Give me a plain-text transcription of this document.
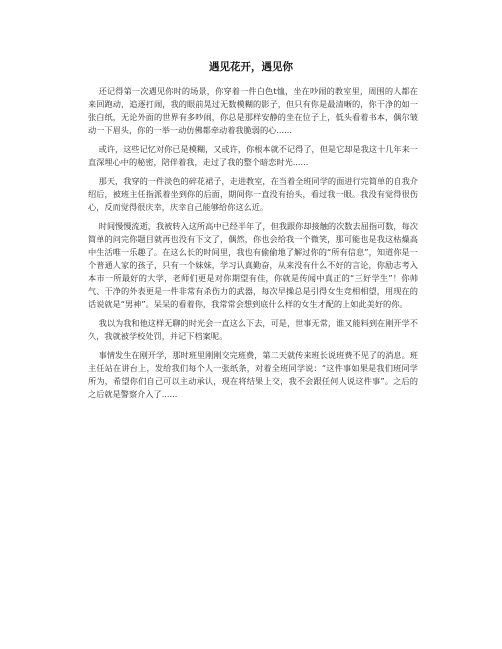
遇见花开，遇见你

还记得第一次遇见你时的场景，你穿着一件白色t恤，坐在吵闹的教室里，周围的人都在来回跑动，追逐打闹，我的眼前晃过无数模糊的影子，但只有你是最清晰的，你干净的如一张白纸，无论外面的世界有多吵闹，你总是那样安静的坐在位子上，低头看着书本，偶尔皱动一下眉头，你的一举一动仿佛都牵动着我脆弱的心......

或许，这些记忆对你已是模糊，又或许，你根本就不记得了，但是它却是我这十几年来一直深埋心中的秘密，陪伴着我，走过了我的整个暗恋时光......

那天，我穿的一件淡色的碎花裙子，走进教室，在当着全班同学的面进行完简单的自我介绍后，被班主任指派着坐到你的后面，期间你一直没有抬头，看过我一眼。我没有觉得很伤心，反而觉得很庆幸，庆幸自己能够给你这么近。

时间慢慢流逝，我被转入这所高中已经半年了，但我跟你却接触的次数去屈指可数，每次简单的问完你题目就再也没有下文了，偶然，你也会给我一个微笑，那可能也是我这枯燥高中生活唯一乐趣了。在这么长的时间里，我也有偷偷地了解过你的“所有信息”，知道你是一个普通人家的孩子，只有一个妹妹，学习认真勤奋，从来没有什么不好的言论，你励志考入本市一所最好的大学，老师们更是对你期望有佳，你就是传闻中真正的“三好学生”！你帅气、干净的外表更是一件非常有杀伤力的武器，每次早操总是引得女生竞相相望，用现在的话说就是“男神”。呆呆的看着你，我常常会想到底什么样的女生才配的上如此美好的你。

我以为我和他这样无聊的时光会一直这么下去，可是，世事无常，谁又能料到在刚开学不久，我就被学校处罚，并记下档案呢。

事情发生在刚开学，那时班里刚刚交完班费，第二天就传来班长说班费不见了的消息。班主任站在讲台上，发给我们每个人一张纸条，对着全班同学说：“这件事如果是我们班同学所为，希望你们自己可以主动承认，现在将结果上交，我不会跟任何人说这件事”。之后的之后就是警察介入了......
